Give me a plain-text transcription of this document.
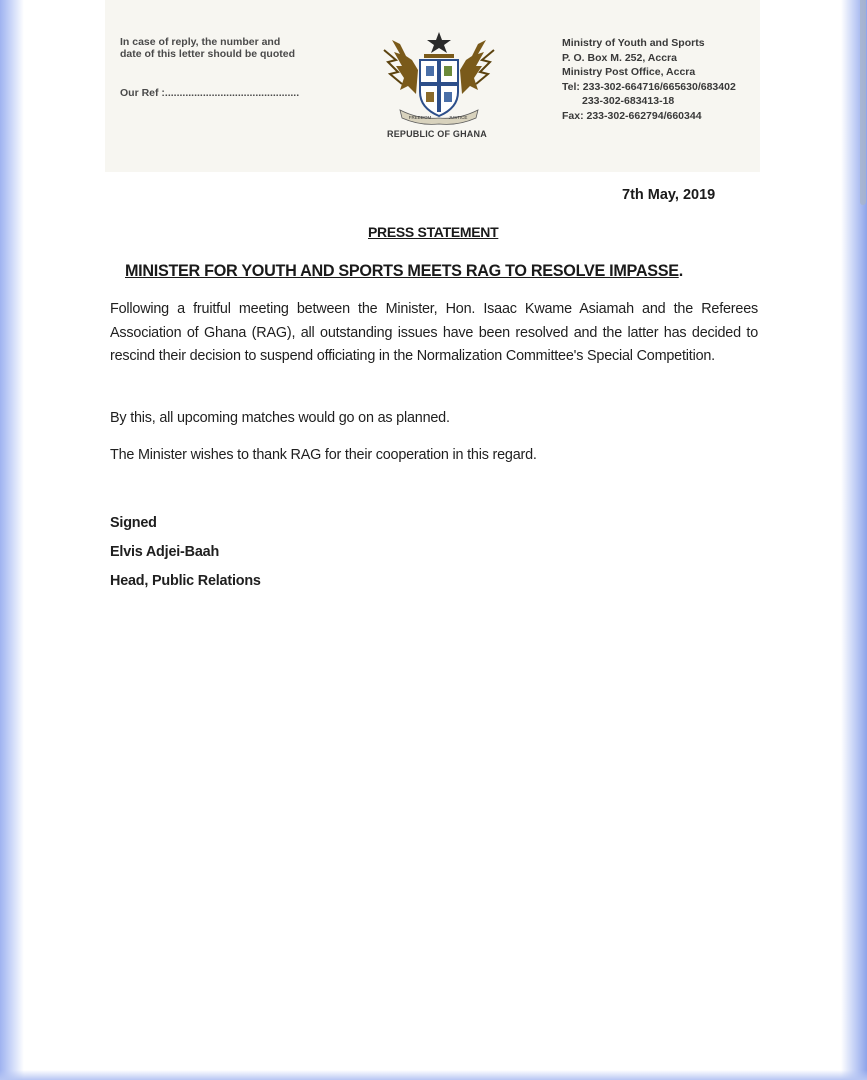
In case of reply, the number and
date of this letter should be quoted
Our Ref :..............................................
FREEDOM	JUSTICE
REPUBLIC OF GHANA
Ministry of Youth and Sports
P. O. Box M. 252, Accra
Ministry Post Office, Accra
Tel: 233-302-664716/665630/683402
233-302-683413-18
Fax: 233-302-662794/660344
7th May, 2019
PRESS STATEMENT
MINISTER FOR YOUTH AND SPORTS MEETS RAG TO RESOLVE IMPASSE.
Following a fruitful meeting between the Minister, Hon. Isaac Kwame Asiamah and the Referees Association of Ghana (RAG), all outstanding issues have been resolved and the latter has decided to rescind their decision to suspend officiating in the Normalization Committee's Special Competition.
By this, all upcoming matches would go on as planned.
The Minister wishes to thank RAG for their cooperation in this regard.
Signed
Elvis Adjei-Baah
Head, Public Relations
